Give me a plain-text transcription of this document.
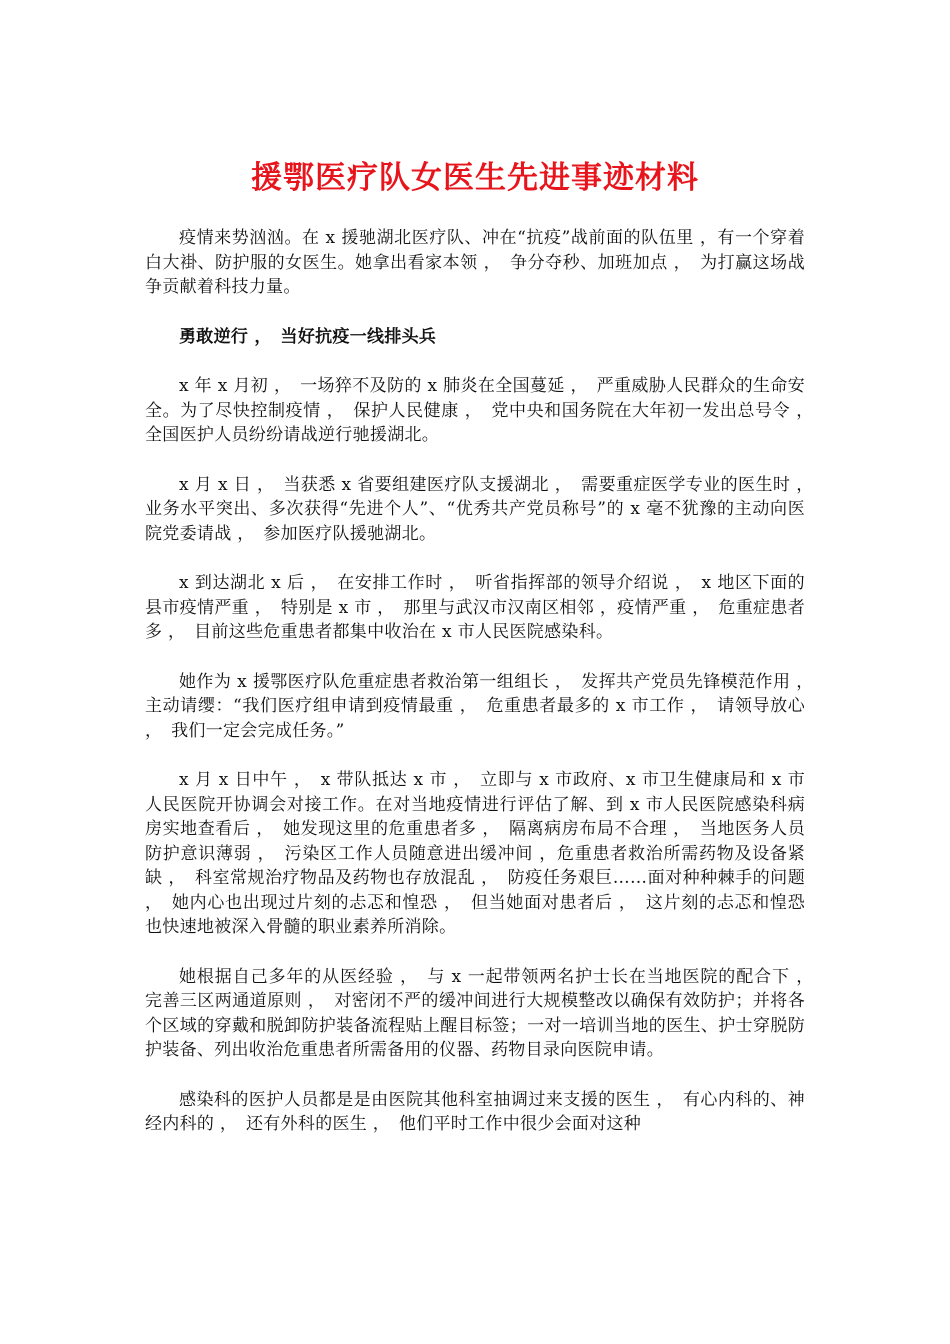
援鄂医疗队女医生先进事迹材料

疫情来势汹汹。在 x 援驰湖北医疗队、冲在“抗疫”战前面的队伍里 ，有一个穿着白大褂、防护服的女医生。她拿出看家本领 ，　争分夺秒、加班加点 ，　为打赢这场战争贡献着科技力量。

勇敢逆行 ，　当好抗疫一线排头兵

x 年 x 月初 ，　一场猝不及防的 x 肺炎在全国蔓延 ，　严重威胁人民群众的生命安全。为了尽快控制疫情 ，　保护人民健康 ，　党中央和国务院在大年初一发出总号令 ，　全国医护人员纷纷请战逆行驰援湖北。

x 月 x 日 ，　当获悉 x 省要组建医疗队支援湖北 ，　需要重症医学专业的医生时 ，　业务水平突出、多次获得“先进个人”、“优秀共产党员称号”的 x 毫不犹豫的主动向医院党委请战 ，　参加医疗队援驰湖北。

x 到达湖北 x 后 ，　在安排工作时 ，　听省指挥部的领导介绍说 ，　x 地区下面的县市疫情严重 ，　特别是 x 市 ，　那里与武汉市汉南区相邻 ，疫情严重 ，　危重症患者多 ，　目前这些危重患者都集中收治在 x 市人民医院感染科。

她作为 x 援鄂医疗队危重症患者救治第一组组长 ，　发挥共产党员先锋模范作用 ，　主动请缨：“我们医疗组申请到疫情最重 ，　危重患者最多的 x 市工作 ，　请领导放心 ，　我们一定会完成任务。”

x 月 x 日中午 ，　x 带队抵达 x 市 ，　立即与 x 市政府、x 市卫生健康局和 x 市人民医院开协调会对接工作。在对当地疫情进行评估了解、到 x 市人民医院感染科病房实地查看后 ，　她发现这里的危重患者多 ，　隔离病房布局不合理 ，　当地医务人员防护意识薄弱 ，　污染区工作人员随意进出缓冲间 ，危重患者救治所需药物及设备紧缺 ，　科室常规治疗物品及药物也存放混乱 ，　防疫任务艰巨……面对种种棘手的问题 ，　她内心也出现过片刻的忐忑和惶恐 ，　但当她面对患者后 ，　这片刻的忐忑和惶恐也快速地被深入骨髓的职业素养所消除。

她根据自己多年的从医经验 ，　与 x 一起带领两名护士长在当地医院的配合下 ，　完善三区两通道原则 ，　对密闭不严的缓冲间进行大规模整改以确保有效防护；并将各个区域的穿戴和脱卸防护装备流程贴上醒目标签；一对一培训当地的医生、护士穿脱防护装备、列出收治危重患者所需备用的仪器、药物目录向医院申请。

感染科的医护人员都是是由医院其他科室抽调过来支援的医生 ，　有心内科的、神经内科的 ，　还有外科的医生 ，　他们平时工作中很少会面对这种
